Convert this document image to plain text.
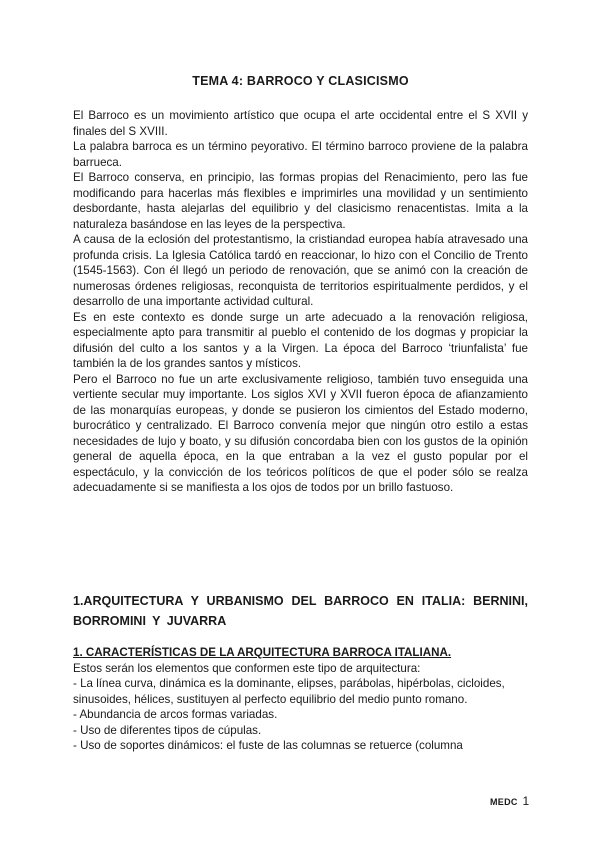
TEMA 4: BARROCO Y CLASICISMO

El Barroco es un movimiento artístico que ocupa el arte occidental entre el S XVII y finales del S XVIII.

La palabra barroca es un término peyorativo. El término barroco proviene de la palabra barrueca.

El Barroco conserva, en principio, las formas propias del Renacimiento, pero las fue modificando para hacerlas más flexibles e imprimirles una movilidad y un sentimiento desbordante, hasta alejarlas del equilibrio y del clasicismo renacentistas. Imita a la naturaleza basándose en las leyes de la perspectiva.

A causa de la eclosión del protestantismo, la cristiandad europea había atravesado una profunda crisis. La Iglesia Católica tardó en reaccionar, lo hizo con el Concilio de Trento (1545-1563). Con él llegó un periodo de renovación, que se animó con la creación de numerosas órdenes religiosas, reconquista de territorios espiritualmente perdidos, y el desarrollo de una importante actividad cultural.

Es en este contexto es donde surge un arte adecuado a la renovación religiosa, especialmente apto para transmitir al pueblo el contenido de los dogmas y propiciar la difusión del culto a los santos y a la Virgen. La época del Barroco ‘triunfalista’ fue también la de los grandes santos y místicos.

Pero el Barroco no fue un arte exclusivamente religioso, también tuvo enseguida una vertiente secular muy importante. Los siglos XVI y XVII fueron época de afianzamiento de las monarquías europeas, y donde se pusieron los cimientos del Estado moderno, burocrático y centralizado. El Barroco convenía mejor que ningún otro estilo a estas necesidades de lujo y boato, y su difusión concordaba bien con los gustos de la opinión general de aquella época, en la que entraban a la vez el gusto popular por el espectáculo, y la convicción de los teóricos políticos de que el poder sólo se realza adecuadamente si se manifiesta a los ojos de todos por un brillo fastuoso.

1.ARQUITECTURA Y URBANISMO DEL BARROCO EN ITALIA: BERNINI, BORROMINI Y JUVARRA
1. CARACTERÍSTICAS DE LA ARQUITECTURA BARROCA ITALIANA.

Estos serán los elementos que conformen este tipo de arquitectura:

- La línea curva, dinámica es la dominante, elipses, parábolas, hipérbolas, cicloides, sinusoides, hélices, sustituyen al perfecto equilibrio del medio punto romano.
- Abundancia de arcos formas variadas.
- Uso de diferentes tipos de cúpulas.
- Uso de soportes dinámicos: el fuste de las columnas se retuerce (columna
MEDC 1
